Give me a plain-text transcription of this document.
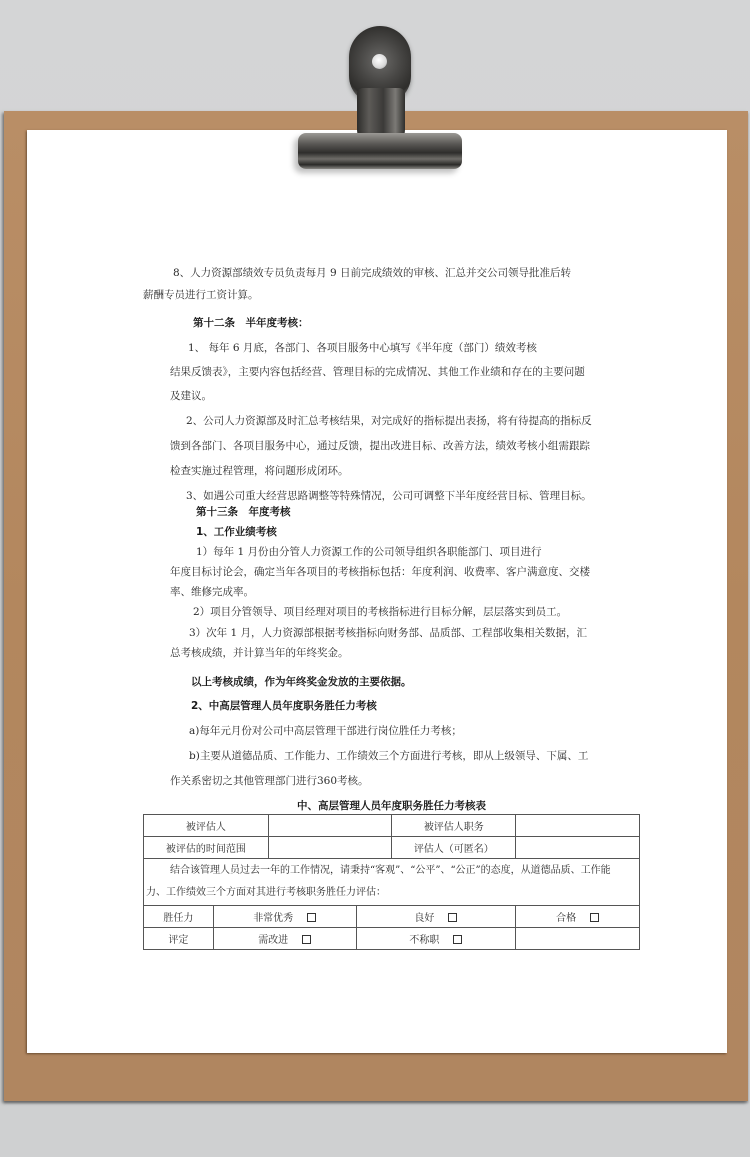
8、人力资源部绩效专员负责每月 9 日前完成绩效的审核、汇总并交公司领导批准后转
薪酬专员进行工资计算。
第十二条　半年度考核：
1、 每年 6 月底，各部门、各项目服务中心填写《半年度（部门）绩效考核
结果反馈表》，主要内容包括经营、管理目标的完成情况、其他工作业绩和存在的主要问题
及建议。
2、公司人力资源部及时汇总考核结果，对完成好的指标提出表扬，将有待提高的指标反
馈到各部门、各项目服务中心，通过反馈，提出改进目标、改善方法，绩效考核小组需跟踪
检查实施过程管理，将问题形成闭环。
3、如遇公司重大经营思路调整等特殊情况，公司可调整下半年度经营目标、管理目标。
第十三条　年度考核
1、工作业绩考核
1）每年 1 月份由分管人力资源工作的公司领导组织各职能部门、项目进行
年度目标讨论会，确定当年各项目的考核指标包括：年度利润、收费率、客户满意度、交楼
率、维修完成率。
2）项目分管领导、项目经理对项目的考核指标进行目标分解，层层落实到员工。
3）次年 1 月，人力资源部根据考核指标向财务部、品质部、工程部收集相关数据，汇
总考核成绩，并计算当年的年终奖金。
以上考核成绩，作为年终奖金发放的主要依据。
2、中高层管理人员年度职务胜任力考核
a)每年元月份对公司中高层管理干部进行岗位胜任力考核；
b)主要从道德品质、工作能力、工作绩效三个方面进行考核，即从上级领导、下属、工
作关系密切之其他管理部门进行360考核。
中、高层管理人员年度职务胜任力考核表
被评估人				被评估人职务	
被评估的时间范围				评估人（可匿名）	

结合该管理人员过去一年的工作情况，请秉持“客观”、“公平”、“公正”的态度，从道德品质、工作能
力、工作绩效三个方面对其进行考核职务胜任力评估：					

胜任力	非常优秀		良好		合格
评定	需改进		不称职		
